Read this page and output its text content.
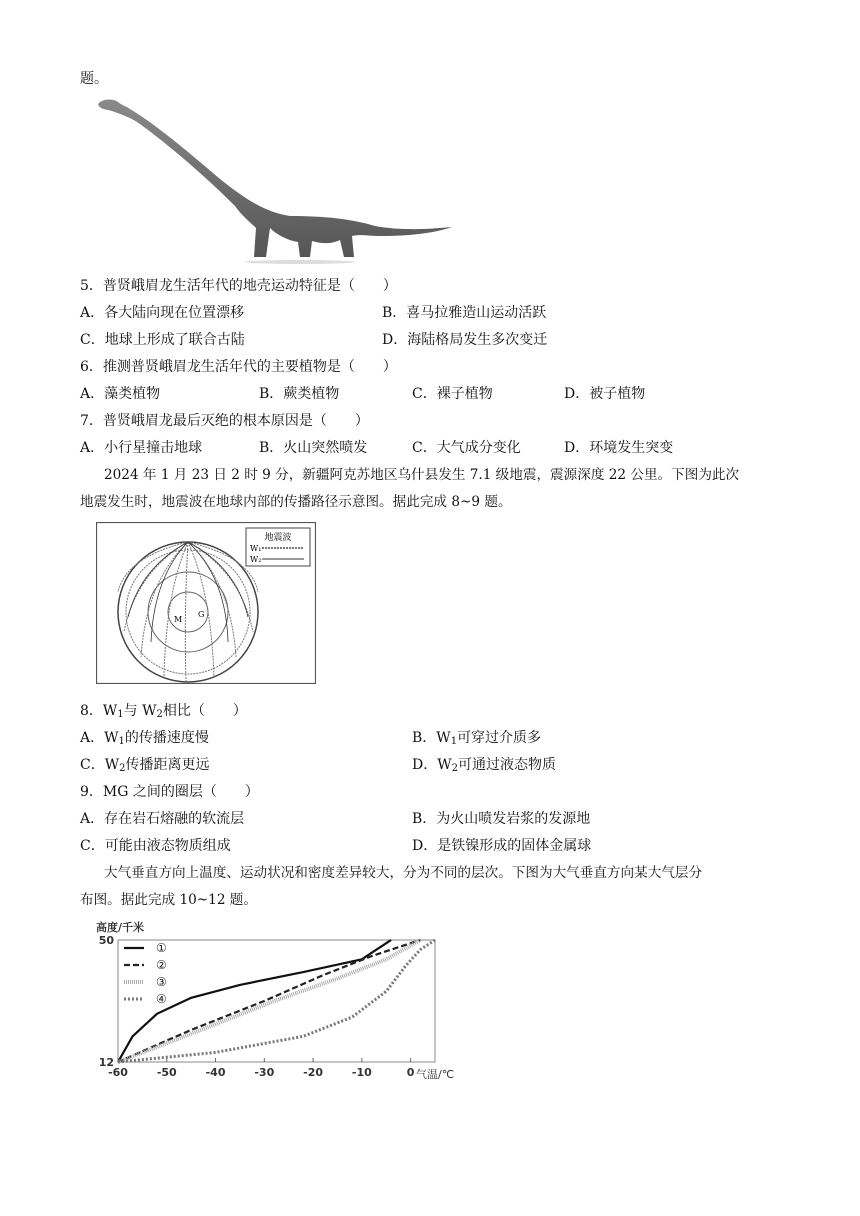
题。
5．普贤峨眉龙生活年代的地壳运动特征是（　　）
A．各大陆向现在位置漂移	B．喜马拉雅造山运动活跃
C．地球上形成了联合古陆	D．海陆格局发生多次变迁
6．推测普贤峨眉龙生活年代的主要植物是（　　）
A．藻类植物	B．蕨类植物	C．裸子植物	D．被子植物
7．普贤峨眉龙最后灭绝的根本原因是（　　）
A．小行星撞击地球	B．火山突然喷发	C．大气成分变化	D．环境发生突变
2024 年 1 月 23 日 2 时 9 分，新疆阿克苏地区乌什县发生 7.1 级地震，震源深度 22 公里。下图为此次
地震发生时，地震波在地球内部的传播路径示意图。据此完成 8~9 题。
地震波
W₁
W₂
M
G
8．$W_1$与 $W_2$相比（　　）
A．$W_1$的传播速度慢	B．$W_1$可穿过介质多
C．$W_2$传播距离更远	D．$W_2$可通过液态物质
9．MG 之间的圈层（　　）
A．存在岩石熔融的软流层	B．为火山喷发岩浆的发源地
C．可能由液态物质组成	D．是铁镍形成的固体金属球
大气垂直方向上温度、运动状况和密度差异较大，分为不同的层次。下图为大气垂直方向某大气层分
布图。据此完成 10~12 题。
高度/千米
气温/℃
-60	-50	-40	-30	-20	-10	0
50
12
①
②
③
④
